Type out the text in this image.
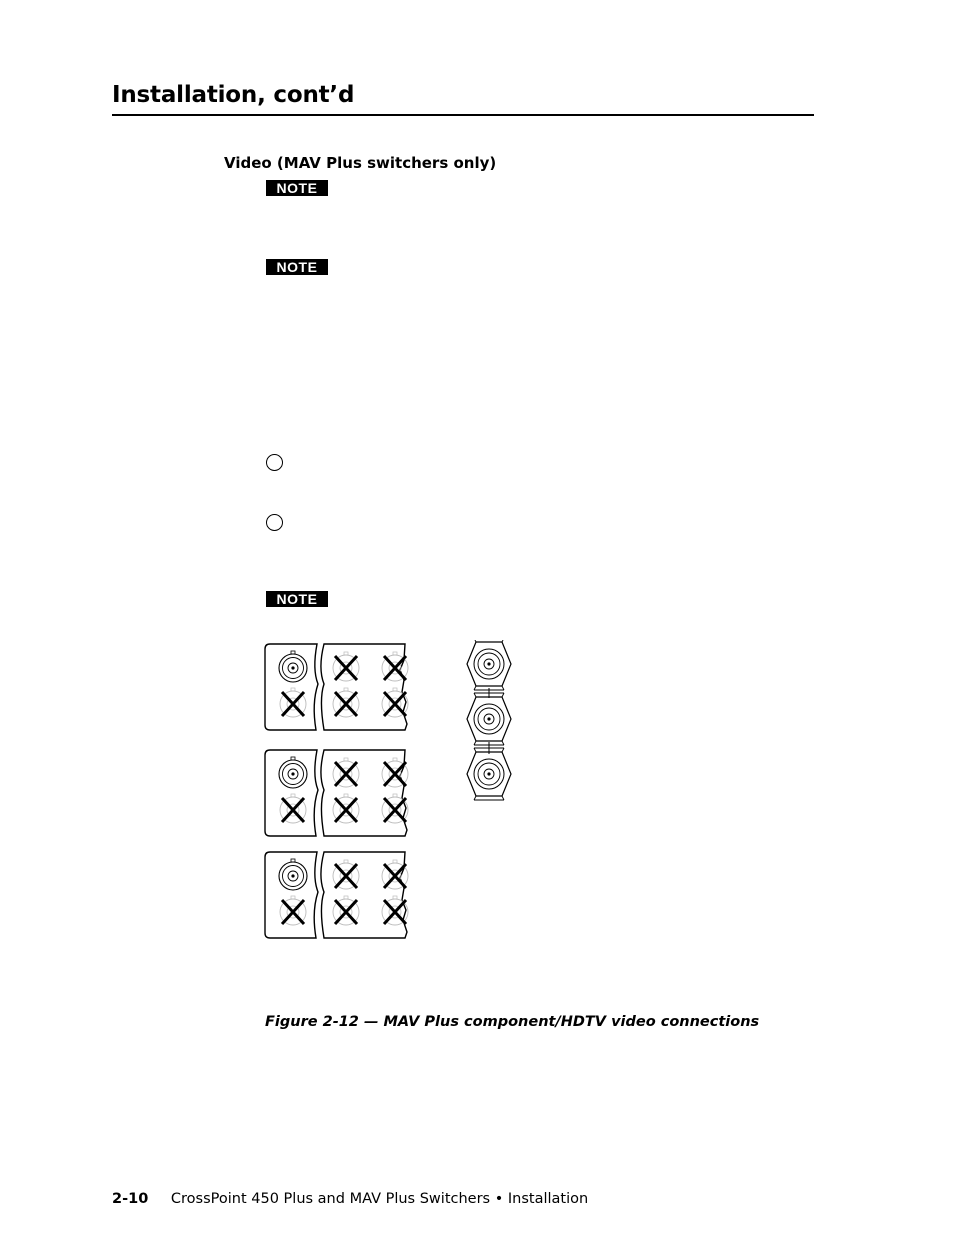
Installation, cont’d
Video (MAV Plus switchers only)
NOTE
NOTE
NOTE
Figure 2-12 — MAV Plus component/HDTV video connections
2-10 CrossPoint 450 Plus and MAV Plus Switchers • Installation
